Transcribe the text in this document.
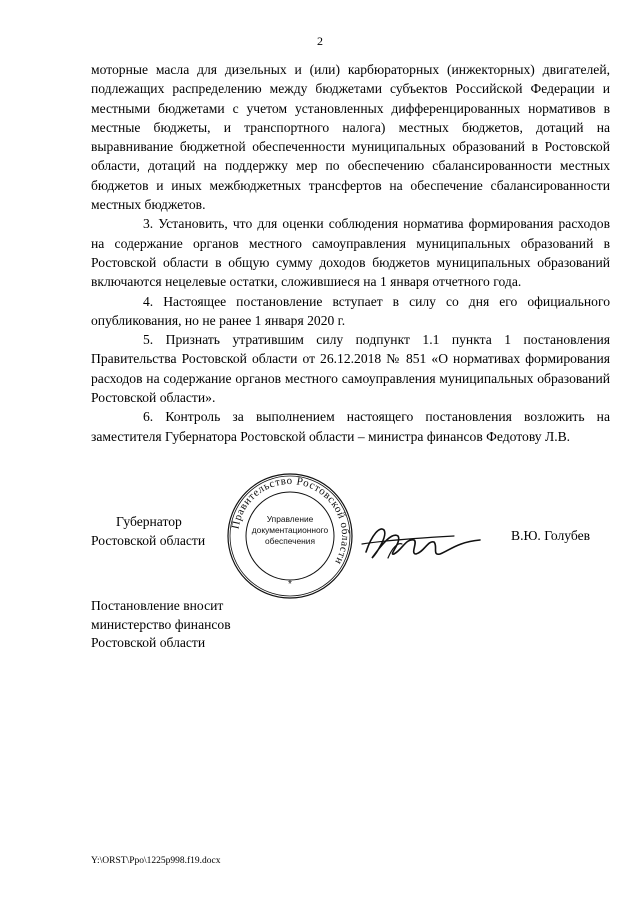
2

моторные масла для дизельных и (или) карбюраторных (инжекторных) двигателей, подлежащих распределению между бюджетами субъектов Российской Федерации и местными бюджетами с учетом установленных дифференцированных нормативов в местные бюджеты, и транспортного налога) местных бюджетов, дотаций на выравнивание бюджетной обеспеченности муниципальных образований в Ростовской области, дотаций на поддержку мер по обеспечению сбалансированности местных бюджетов и иных межбюджетных трансфертов на обеспечение сбалансированности местных бюджетов.

3. Установить, что для оценки соблюдения норматива формирования расходов на содержание органов местного самоуправления муниципальных образований в Ростовской области в общую сумму доходов бюджетов муниципальных образований включаются нецелевые остатки, сложившиеся на 1 января отчетного года.

4. Настоящее постановление вступает в силу со дня его официального опубликования, но не ранее 1 января 2020 г.

5. Признать утратившим силу подпункт 1.1 пункта 1 постановления Правительства Ростовской области от 26.12.2018 № 851 «О нормативах формирования расходов на содержание органов местного самоуправления муниципальных образований Ростовской области».

6. Контроль за выполнением настоящего постановления возложить на заместителя Губернатора Ростовской области – министра финансов Федотову Л.В.

Губернатор
Ростовской области
Правительство Ростовской области
Управление
документационного
обеспечения
*
В.Ю. Голубев
Постановление вносит
министерство финансов
Ростовской области
Y:\ORST\Ppo\1225p998.f19.docx
